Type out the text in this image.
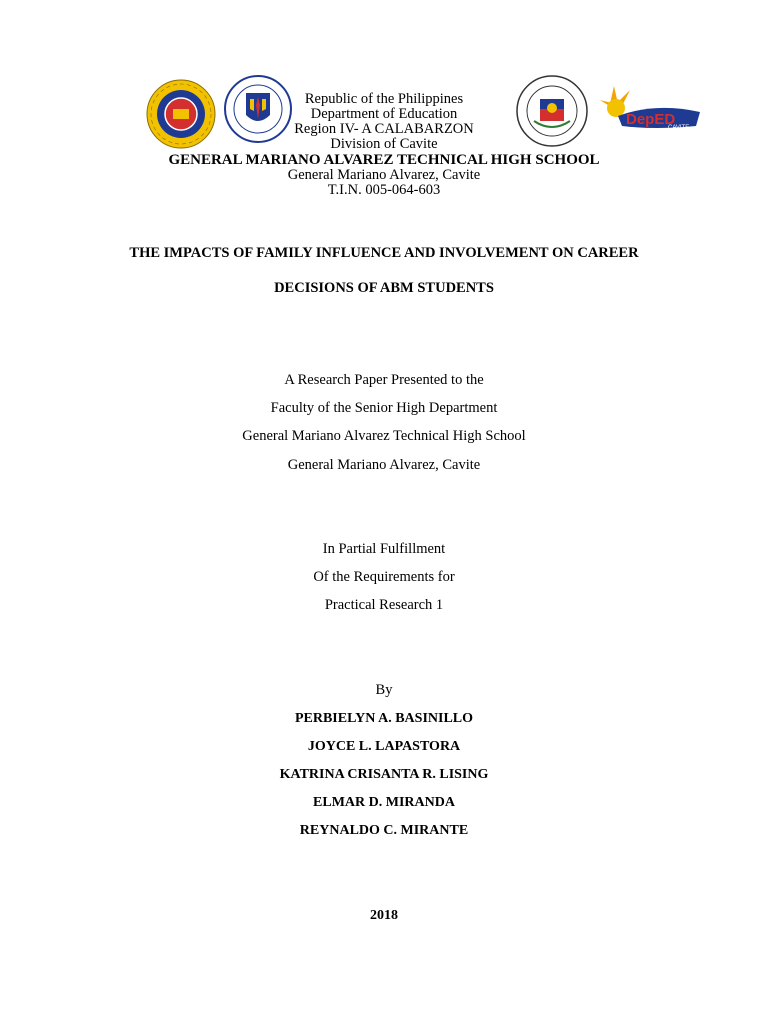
DepED
CAVITE
Republic of the Philippines
Department of Education
Region IV- A CALABARZON
Division of Cavite
GENERAL MARIANO ALVAREZ TECHNICAL HIGH SCHOOL
General Mariano Alvarez, Cavite
T.I.N. 005-064-603
THE IMPACTS OF FAMILY INFLUENCE AND INVOLVEMENT ON CAREER
DECISIONS OF ABM STUDENTS
A Research Paper Presented to the
Faculty of the Senior High Department
General Mariano Alvarez Technical High School
General Mariano Alvarez, Cavite
In Partial Fulfillment
Of the Requirements for
Practical Research 1
By
PERBIELYN A. BASINILLO
JOYCE L. LAPASTORA
KATRINA CRISANTA R. LISING
ELMAR D. MIRANDA
REYNALDO C. MIRANTE
2018
